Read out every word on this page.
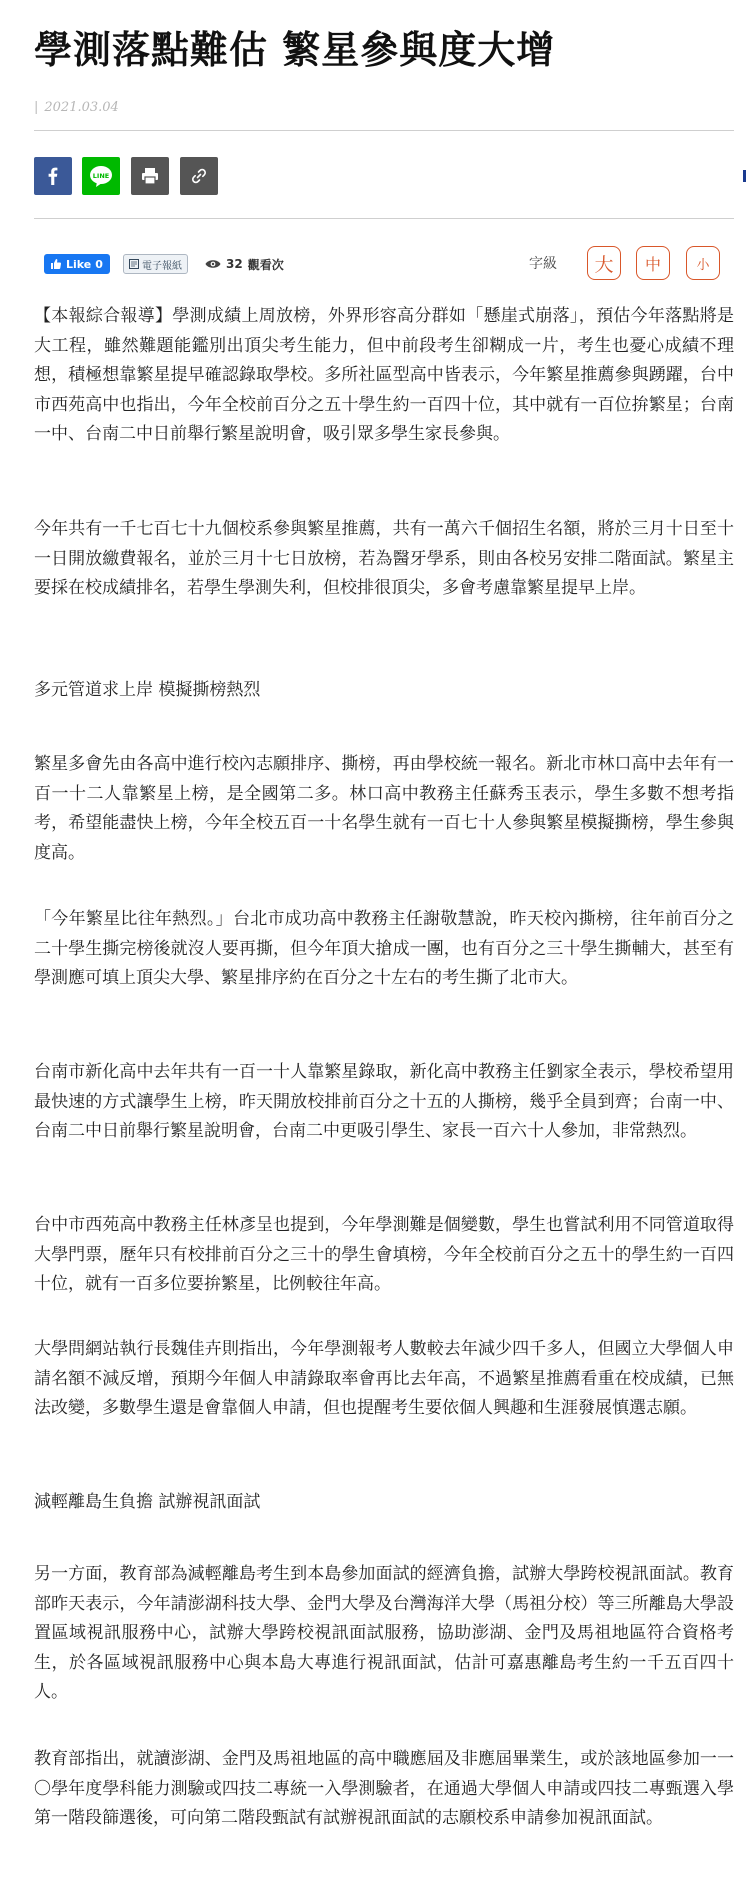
學測落點難估 繁星參與度大增
| 2021.03.04
LINE
Like 0	電子報紙	32 觀看次	字級	大	中	小

【本報綜合報導】學測成績上周放榜，外界形容高分群如「懸崖式崩落」，預估今年落點將是大工程，雖然難題能鑑別出頂尖考生能力，但中前段考生卻糊成一片，考生也憂心成績不理想，積極想靠繁星提早確認錄取學校。多所社區型高中皆表示，今年繁星推薦參與踴躍，台中市西苑高中也指出，今年全校前百分之五十學生約一百四十位，其中就有一百位拚繁星；台南一中、台南二中日前舉行繁星說明會，吸引眾多學生家長參與。

今年共有一千七百七十九個校系參與繁星推薦，共有一萬六千個招生名額，將於三月十日至十一日開放繳費報名，並於三月十七日放榜，若為醫牙學系，則由各校另安排二階面試。繁星主要採在校成績排名，若學生學測失利，但校排很頂尖，多會考慮靠繁星提早上岸。

多元管道求上岸 模擬撕榜熱烈

繁星多會先由各高中進行校內志願排序、撕榜，再由學校統一報名。新北市林口高中去年有一百一十二人靠繁星上榜，是全國第二多。林口高中教務主任蘇秀玉表示，學生多數不想考指考，希望能盡快上榜，今年全校五百一十名學生就有一百七十人參與繁星模擬撕榜，學生參與度高。

「今年繁星比往年熱烈。」台北市成功高中教務主任謝敬慧說，昨天校內撕榜，往年前百分之二十學生撕完榜後就沒人要再撕，但今年頂大搶成一團，也有百分之三十學生撕輔大，甚至有學測應可填上頂尖大學、繁星排序約在百分之十左右的考生撕了北市大。

台南市新化高中去年共有一百一十人靠繁星錄取，新化高中教務主任劉家全表示，學校希望用最快速的方式讓學生上榜，昨天開放校排前百分之十五的人撕榜，幾乎全員到齊；台南一中、台南二中日前舉行繁星說明會，台南二中更吸引學生、家長一百六十人參加，非常熱烈。

台中市西苑高中教務主任林彥呈也提到，今年學測難是個變數，學生也嘗試利用不同管道取得大學門票，歷年只有校排前百分之三十的學生會填榜，今年全校前百分之五十的學生約一百四十位，就有一百多位要拚繁星，比例較往年高。

大學問網站執行長魏佳卉則指出，今年學測報考人數較去年減少四千多人，但國立大學個人申請名額不減反增，預期今年個人申請錄取率會再比去年高，不過繁星推薦看重在校成績，已無法改變，多數學生還是會靠個人申請，但也提醒考生要依個人興趣和生涯發展慎選志願。

減輕離島生負擔 試辦視訊面試

另一方面，教育部為減輕離島考生到本島參加面試的經濟負擔，試辦大學跨校視訊面試。教育部昨天表示，今年請澎湖科技大學、金門大學及台灣海洋大學（馬祖分校）等三所離島大學設置區域視訊服務中心，試辦大學跨校視訊面試服務，協助澎湖、金門及馬祖地區符合資格考生，於各區域視訊服務中心與本島大專進行視訊面試，估計可嘉惠離島考生約一千五百四十人。

教育部指出，就讀澎湖、金門及馬祖地區的高中職應屆及非應屆畢業生，或於該地區參加一一〇學年度學科能力測驗或四技二專統一入學測驗者，在通過大學個人申請或四技二專甄選入學第一階段篩選後，可向第二階段甄試有試辦視訊面試的志願校系申請參加視訊面試。
